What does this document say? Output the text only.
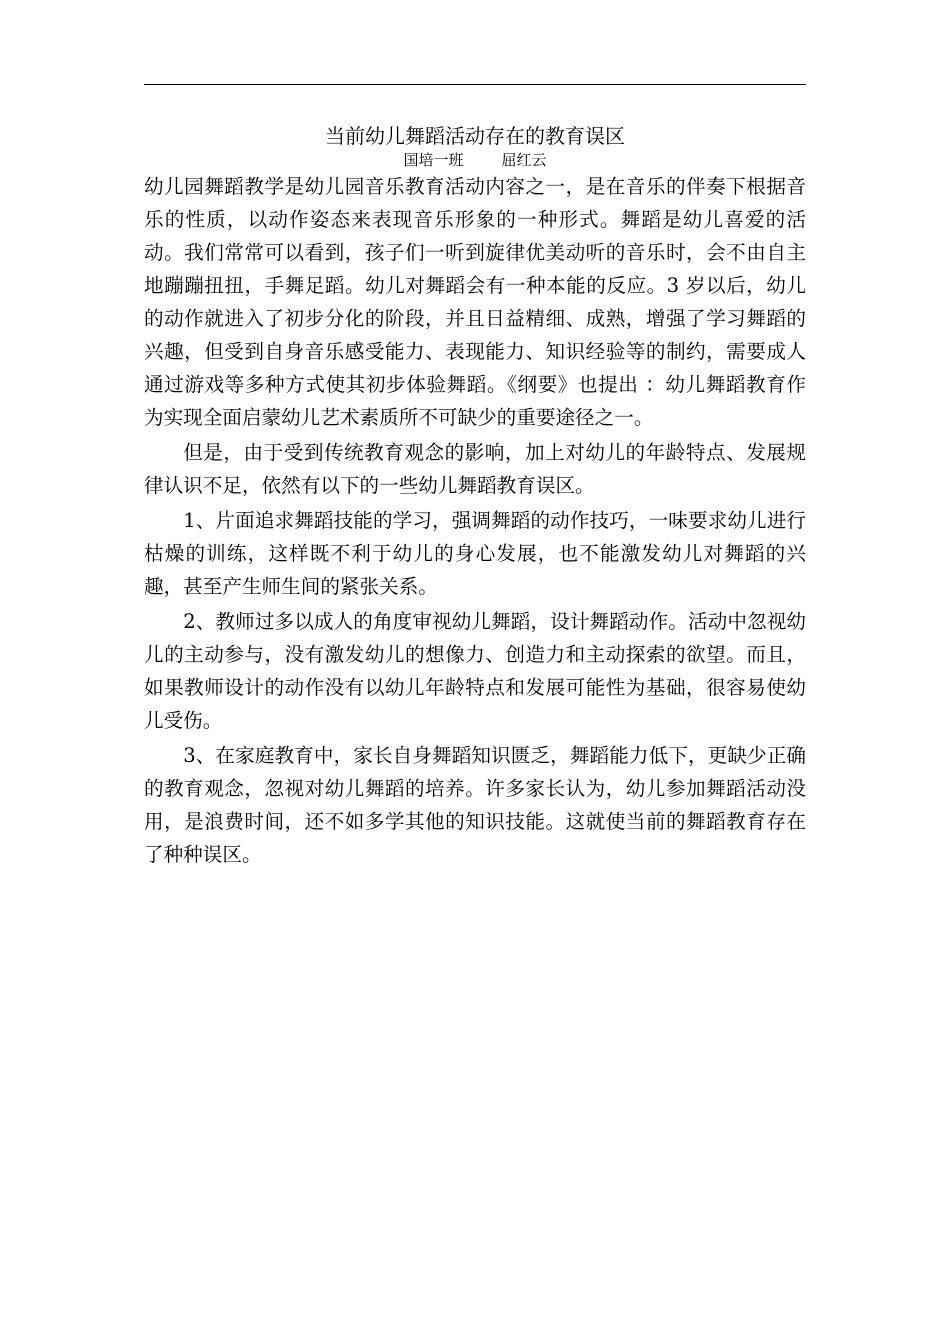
当前幼儿舞蹈活动存在的教育误区
国培一班	屈红云

幼儿园舞蹈教学是幼儿园音乐教育活动内容之一，是在音乐的伴奏下根据音乐的性质，以动作姿态来表现音乐形象的一种形式。舞蹈是幼儿喜爱的活动。我们常常可以看到，孩子们一听到旋律优美动听的音乐时，会不由自主地蹦蹦扭扭，手舞足蹈。幼儿对舞蹈会有一种本能的反应。3 岁以后，幼儿的动作就进入了初步分化的阶段，并且日益精细、成熟，增强了学习舞蹈的兴趣，但受到自身音乐感受能力、表现能力、知识经验等的制约，需要成人通过游戏等多种方式使其初步体验舞蹈。《纲要》也提出 ：幼儿舞蹈教育作为实现全面启蒙幼儿艺术素质所不可缺少的重要途径之一。

但是，由于受到传统教育观念的影响，加上对幼儿的年龄特点、发展规律认识不足，依然有以下的一些幼儿舞蹈教育误区。

1、片面追求舞蹈技能的学习，强调舞蹈的动作技巧，一味要求幼儿进行枯燥的训练，这样既不利于幼儿的身心发展，也不能激发幼儿对舞蹈的兴趣，甚至产生师生间的紧张关系。

2、教师过多以成人的角度审视幼儿舞蹈，设计舞蹈动作。活动中忽视幼儿的主动参与，没有激发幼儿的想像力、创造力和主动探索的欲望。而且，如果教师设计的动作没有以幼儿年龄特点和发展可能性为基础，很容易使幼儿受伤。

3、在家庭教育中，家长自身舞蹈知识匮乏，舞蹈能力低下，更缺少正确的教育观念，忽视对幼儿舞蹈的培养。许多家长认为，幼儿参加舞蹈活动没用，是浪费时间，还不如多学其他的知识技能。这就使当前的舞蹈教育存在了种种误区。
